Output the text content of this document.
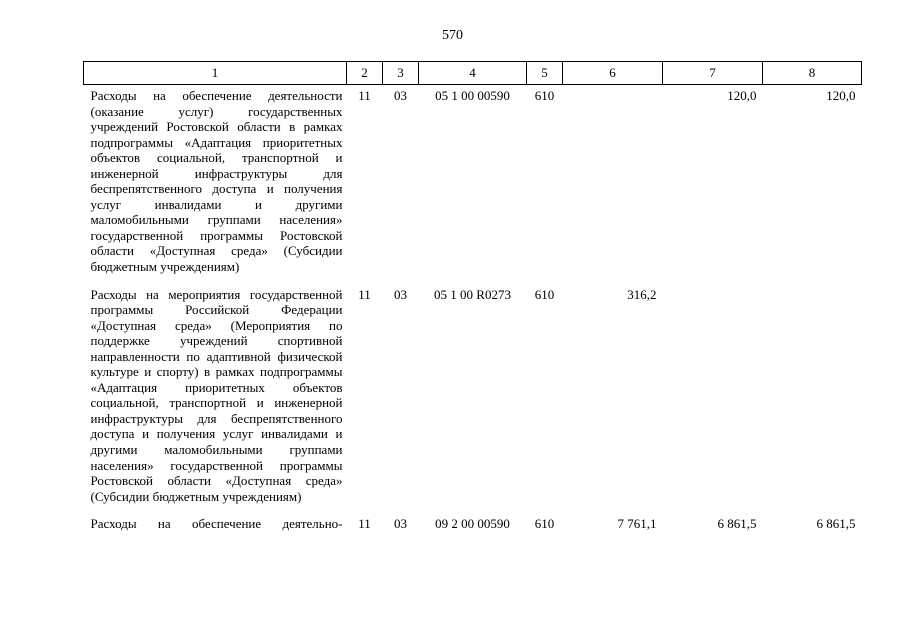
570
1	2	3	4	5	6	7	8
Расходы на обеспечение деятельности (оказание услуг) государственных учреждений Ростовской области в рамках подпрограммы «Адаптация приоритетных объектов социальной, транспортной и инженерной инфраструктуры для беспрепятственного доступа и получения услуг инвалидами и другими маломобильными группами населения» государственной программы Ростовской области «Доступная среда» (Субсидии бюджетным учреждениям)	11	03	05 1 00 00590	610		120,0	120,0
Расходы на мероприятия государственной программы Российской Федерации «Доступная среда» (Мероприятия по поддержке учреждений спортивной направленности по адаптивной физической культуре и спорту) в рамках подпрограммы «Адаптация приоритетных объектов социальной, транспортной и инженерной инфраструктуры для беспрепятственного доступа и получения услуг инвалидами и другими маломобильными группами населения» государственной программы Ростовской области «Доступная среда» (Субсидии бюджетным учреждениям)	11	03	05 1 00 R0273	610	316,2		
Расходы на обеспечение деятельно-	11	03	09 2 00 00590	610	7 761,1	6 861,5	6 861,5
